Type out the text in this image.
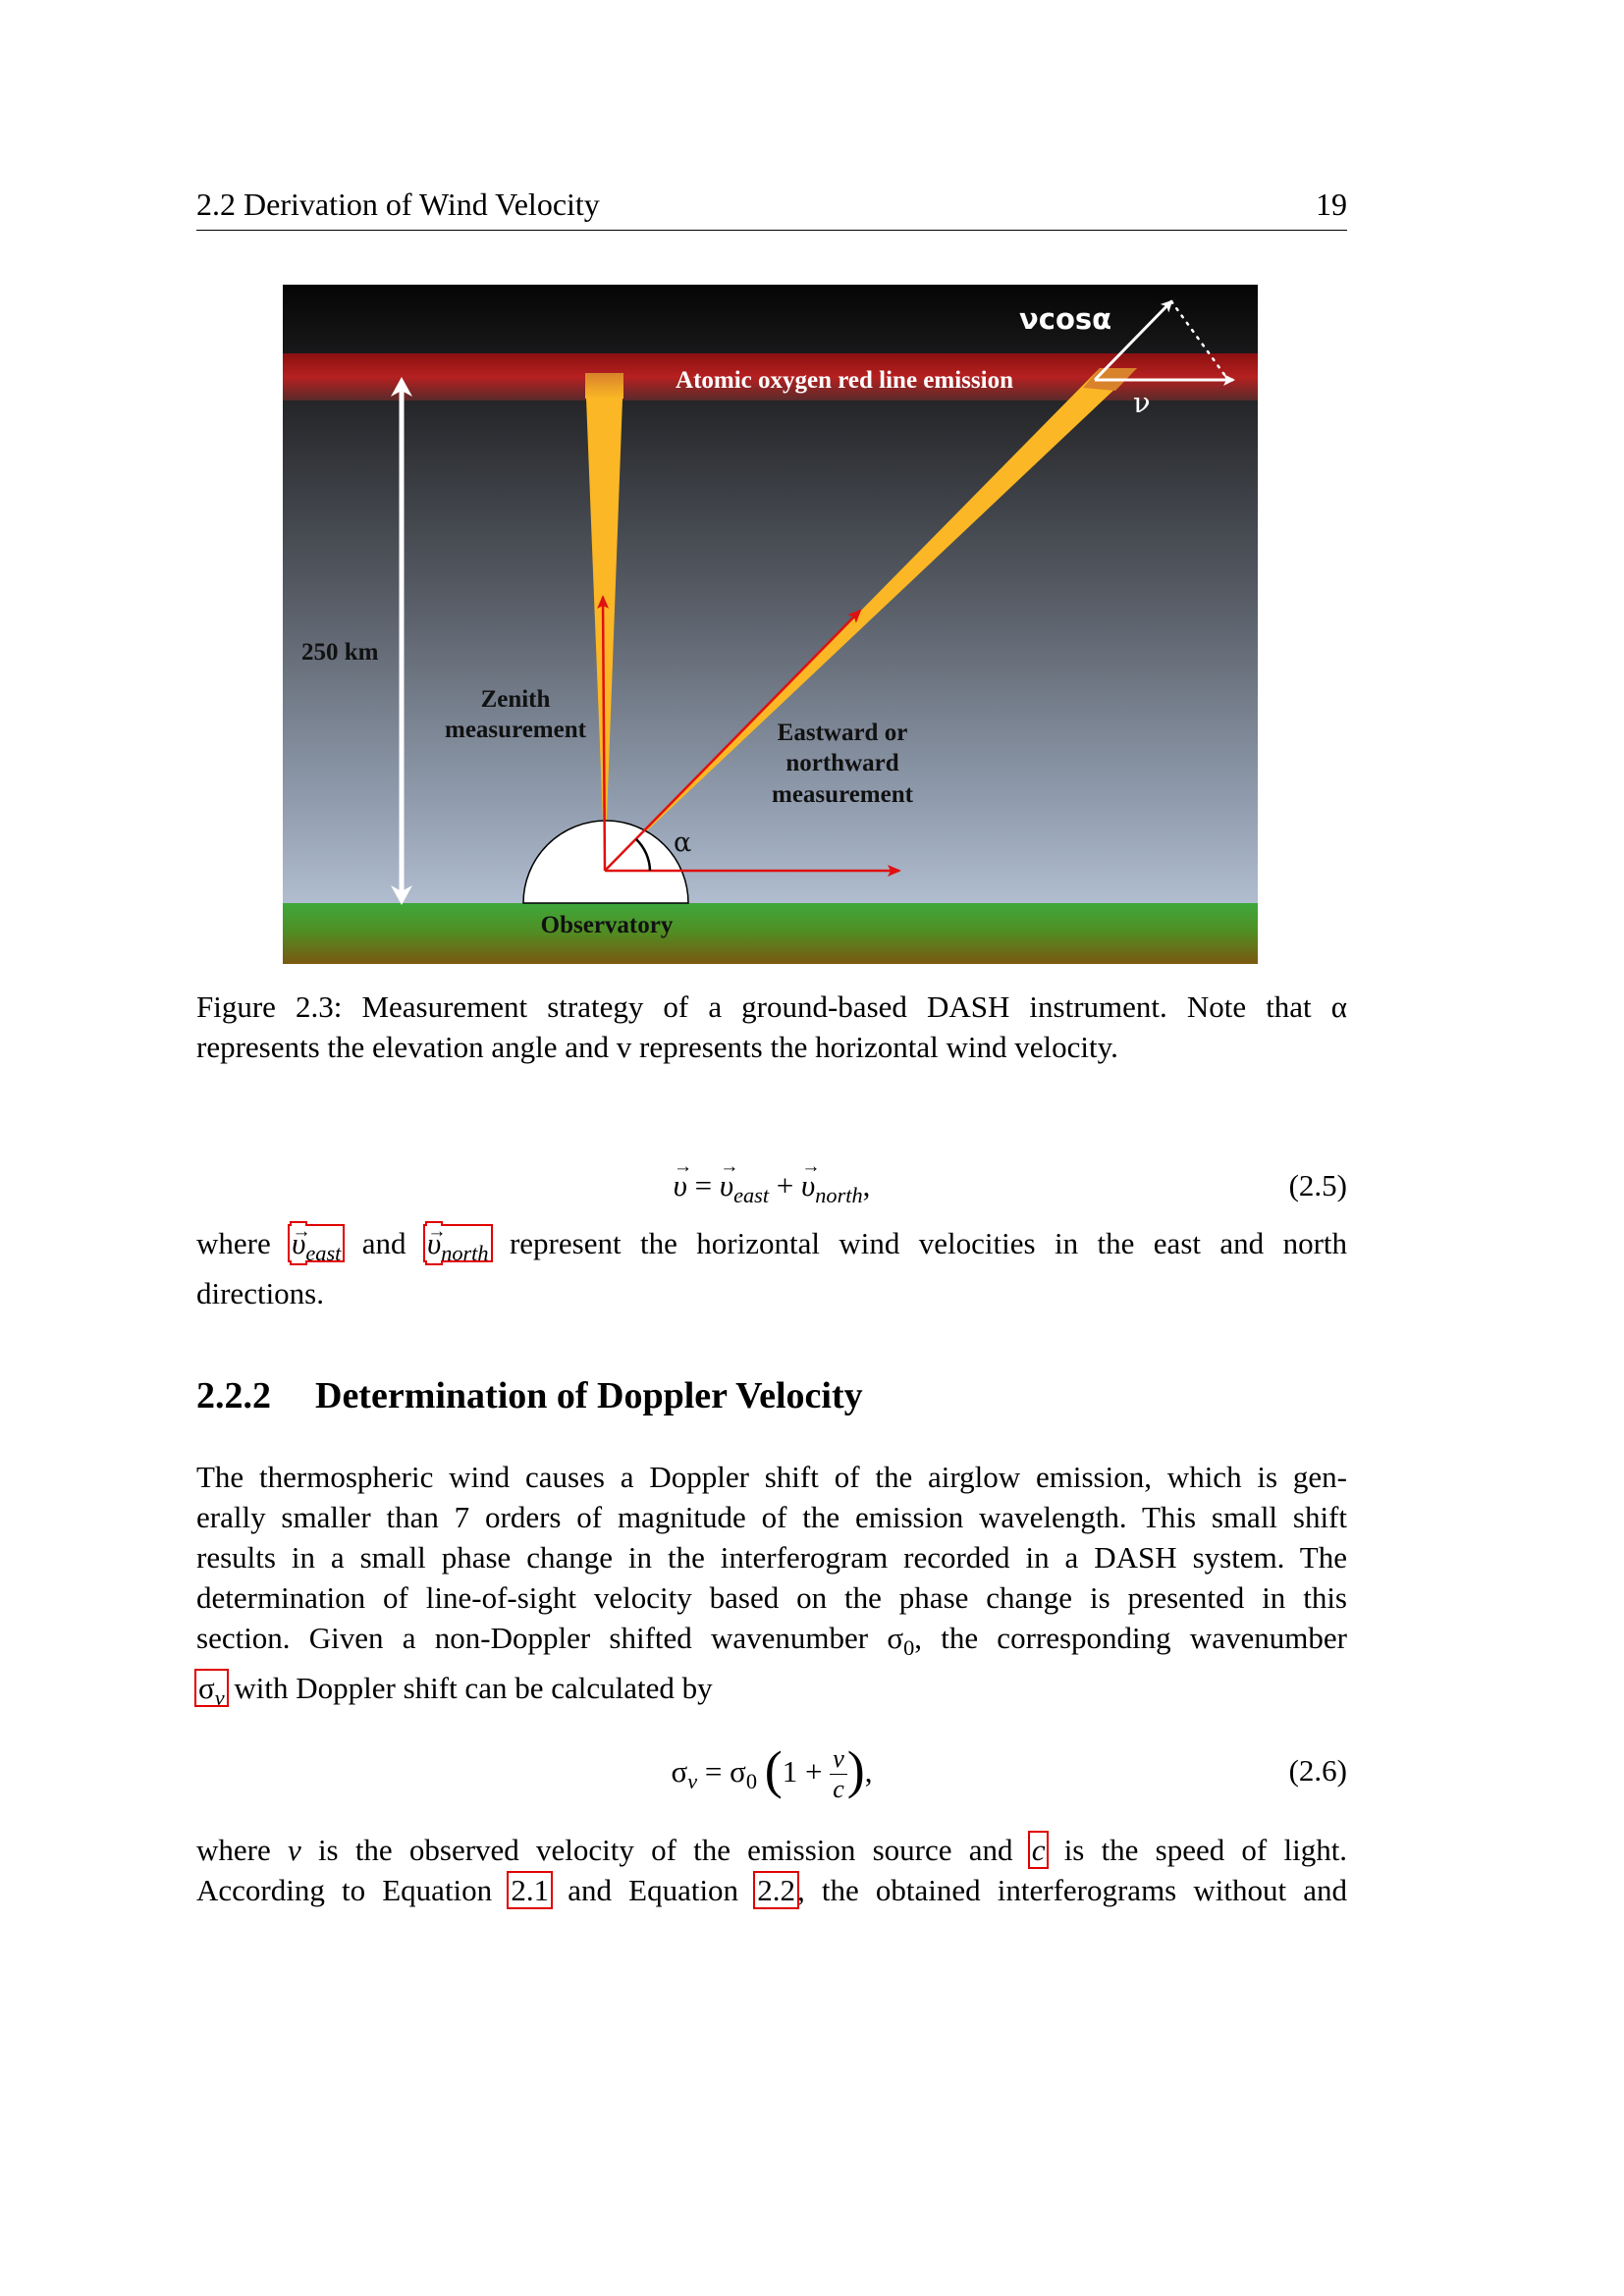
2.2 Derivation of Wind Velocity	19
Atomic oxygen red line emission
250 km
Zenith
measurement	Eastward or
northward
measurement
Observatory
α
νcosα
ν
Figure 2.3: Measurement strategy of a ground-based DASH instrument. Note that α
represents the elevation angle and v represents the horizontal wind velocity.
→ υ = → $\upsilon_{east}$ + → $\upsilon_{north}$,	(2.5)
where → $\upsilon_{east}$ and → $\upsilon_{north}$ represent the horizontal wind velocities in the east and north
directions.
2.2.2 Determination of Doppler Velocity
The thermospheric wind causes a Doppler shift of the airglow emission, which is gen-
erally smaller than 7 orders of magnitude of the emission wavelength. This small shift
results in a small phase change in the interferogram recorded in a DASH system. The
determination of line-of-sight velocity based on the phase change is presented in this
section. Given a non-Doppler shifted wavenumber $\sigma_0$, the corresponding wavenumber
$\sigma_v$ with Doppler shift can be calculated by
$\sigma_v = \sigma_0$ ($1 + \frac{v}{c}$ ),	(2.6)
where v is the observed velocity of the emission source and c is the speed of light.
According to Equation 2.1 and Equation 2.2, the obtained interferograms without and
